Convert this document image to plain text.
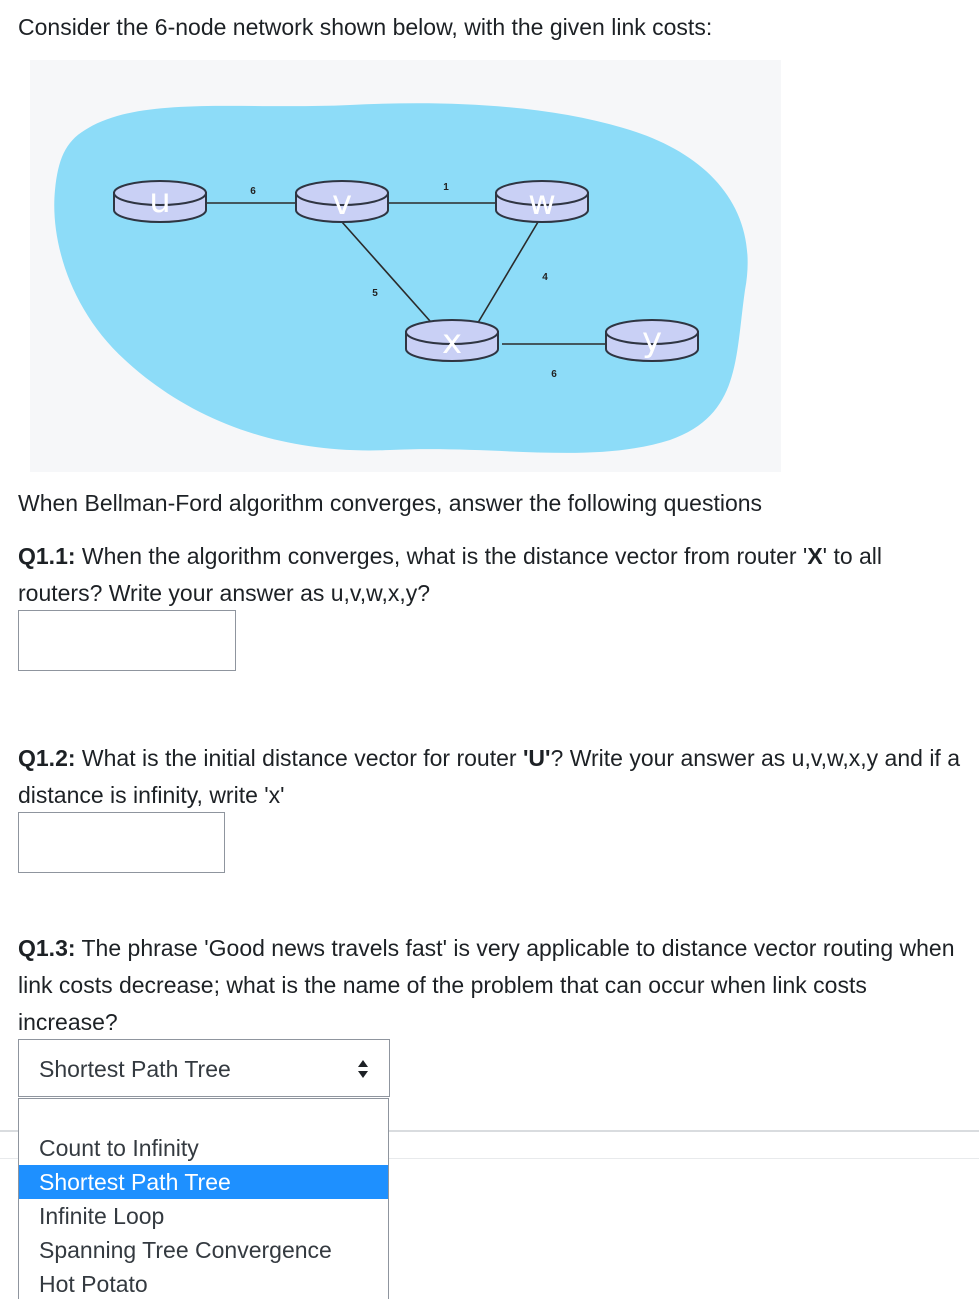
Consider the 6-node network shown below, with the given link costs:
6	1
5
4
6
u	v	w
x	y
When Bellman-Ford algorithm converges, answer the following questions
Q1.1: When the algorithm converges, what is the distance vector from router 'X' to all routers? Write your answer as u,v,w,x,y?
Q1.2: What is the initial distance vector for router 'U'? Write your answer as u,v,w,x,y and if a distance is infinity, write 'x'
Q1.3: The phrase 'Good news travels fast' is very applicable to distance vector routing when link costs decrease; what is the name of the problem that can occur when link costs increase?
Shortest Path Tree
Count to Infinity
Shortest Path Tree
Infinite Loop
Spanning Tree Convergence
Hot Potato
